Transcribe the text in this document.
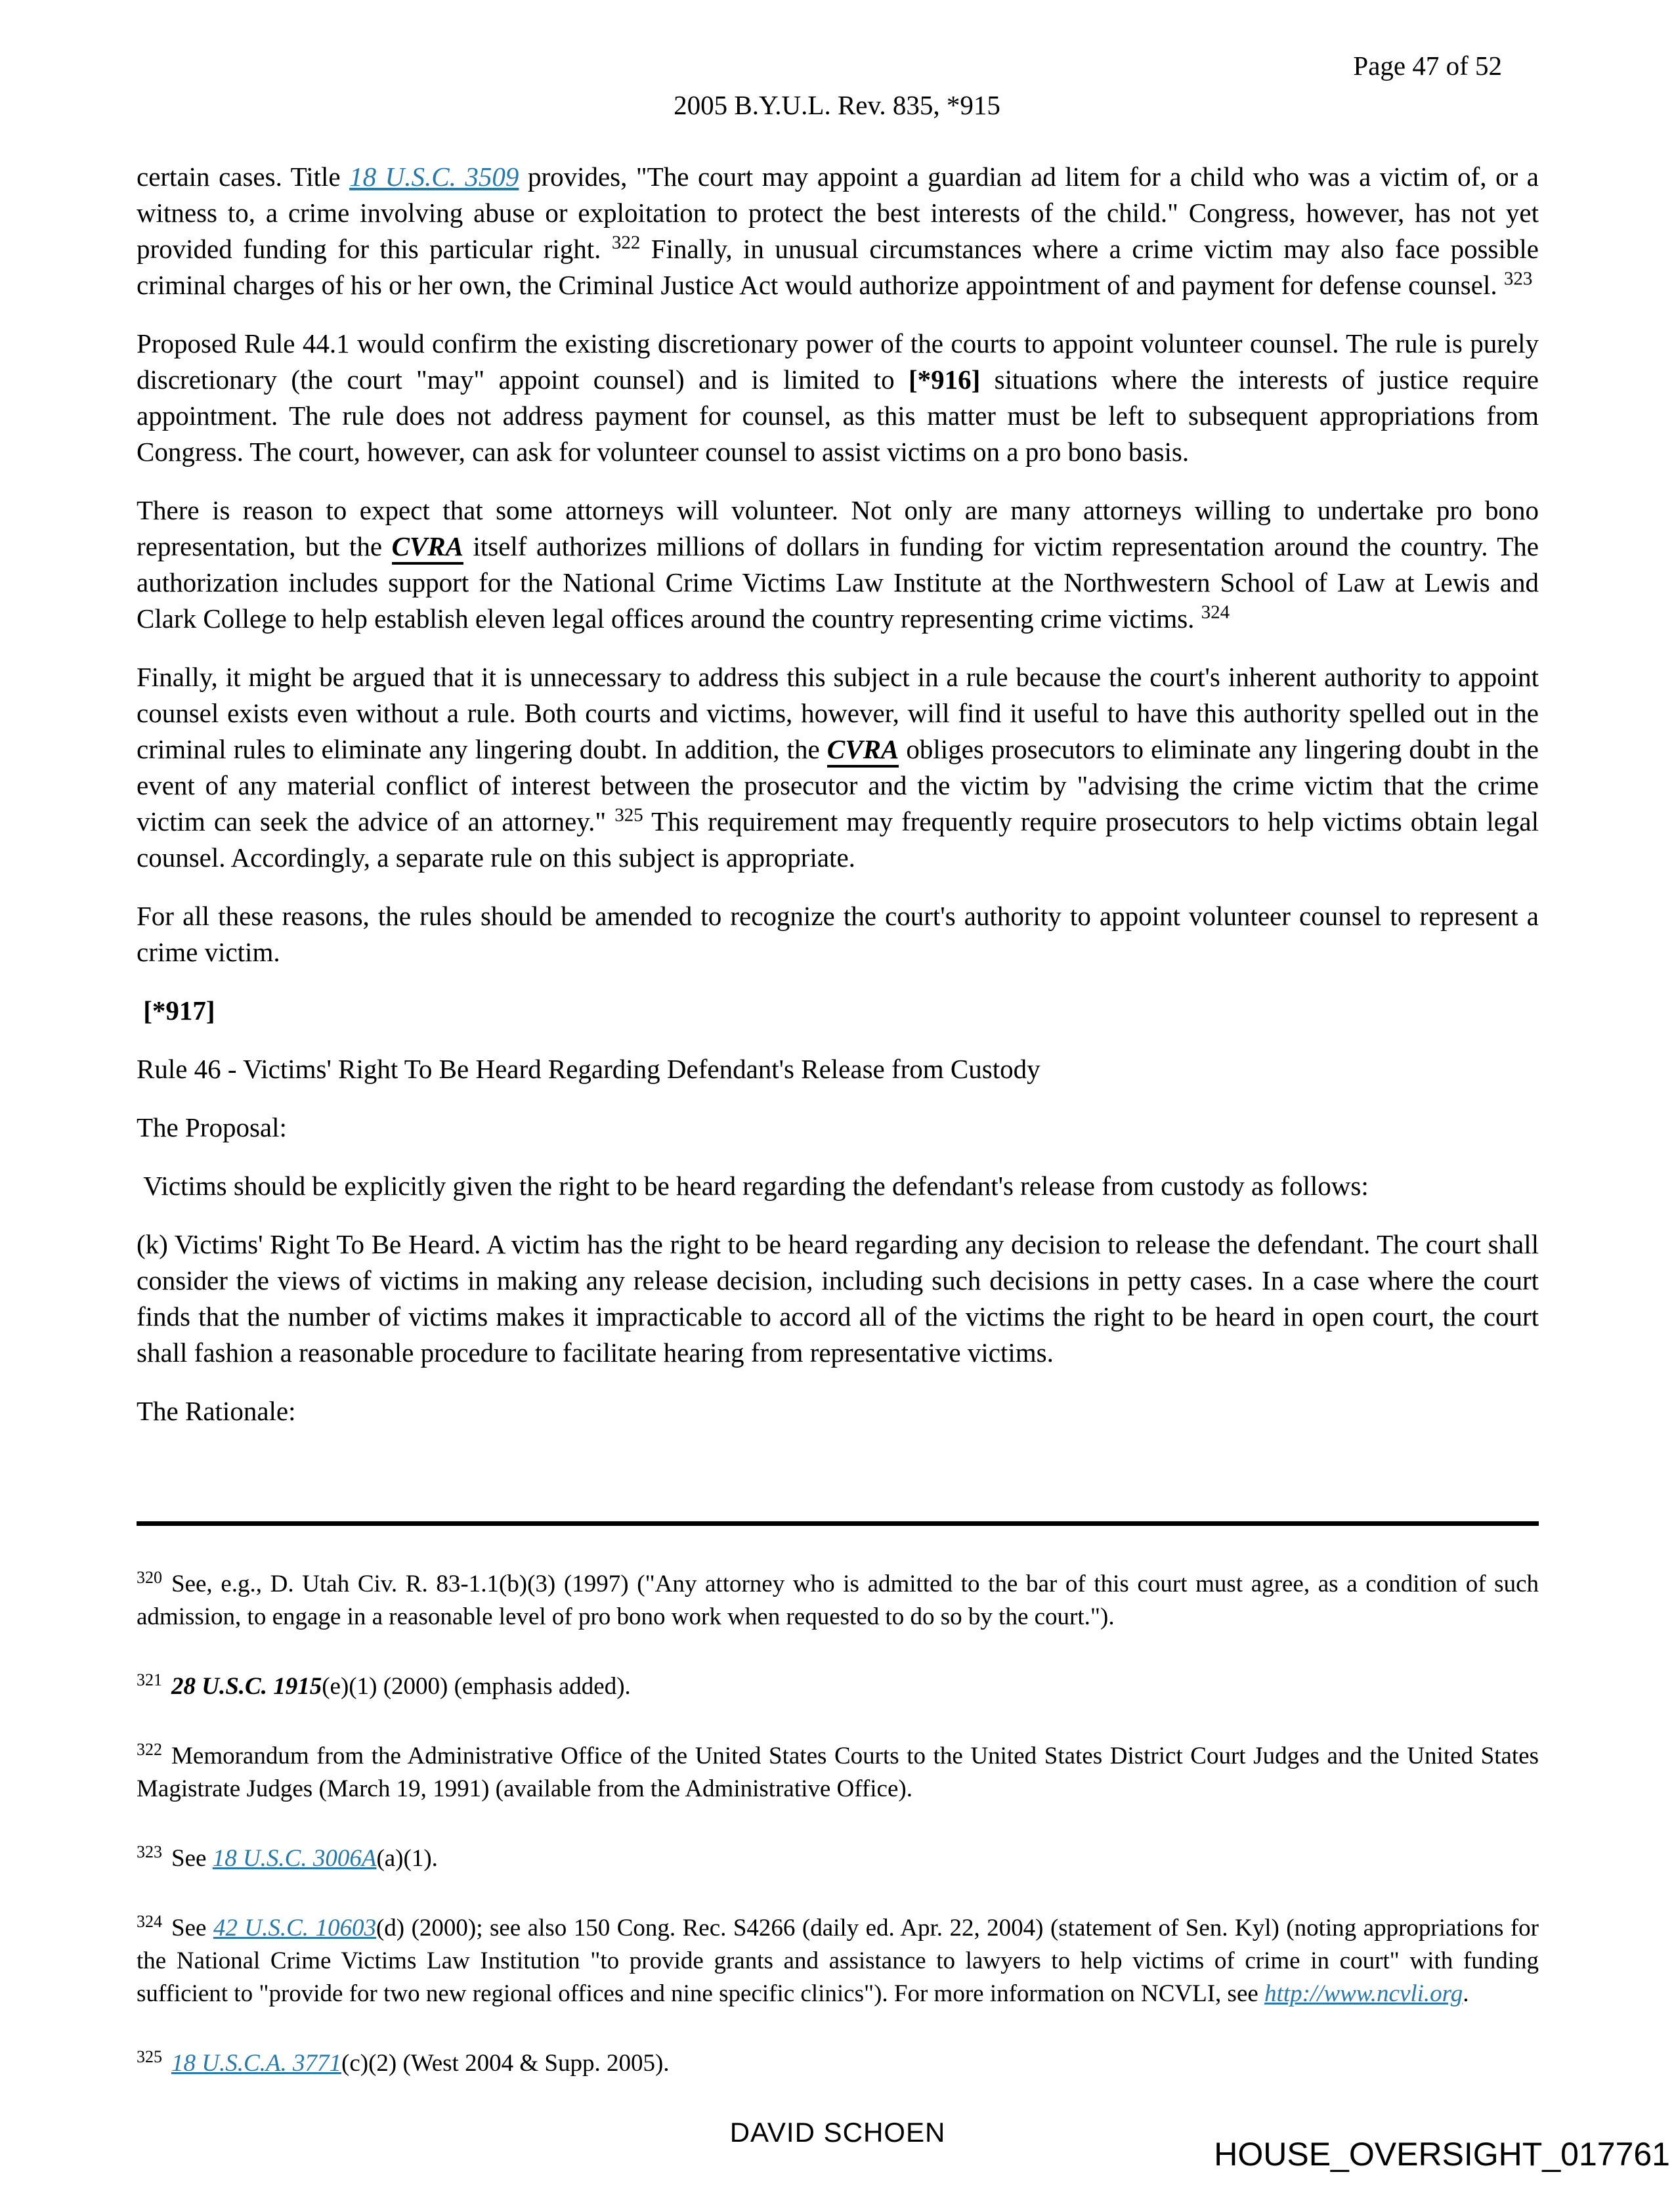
Page 47 of 52
2005 B.Y.U.L. Rev. 835, *915

certain cases. Title 18 U.S.C. 3509 provides, "The court may appoint a guardian ad litem for a child who was a victim of, or a witness to, a crime involving abuse or exploitation to protect the best interests of the child." Congress, however, has not yet provided funding for this particular right. $^{322}$ Finally, in unusual circumstances where a crime victim may also face possible criminal charges of his or her own, the Criminal Justice Act would authorize appointment of and payment for defense counsel. $^{323}$

Proposed Rule 44.1 would confirm the existing discretionary power of the courts to appoint volunteer counsel. The rule is purely discretionary (the court "may" appoint counsel) and is limited to [*916] situations where the interests of justice require appointment. The rule does not address payment for counsel, as this matter must be left to subsequent appropriations from Congress. The court, however, can ask for volunteer counsel to assist victims on a pro bono basis.

There is reason to expect that some attorneys will volunteer. Not only are many attorneys willing to undertake pro bono representation, but the CVRA itself authorizes millions of dollars in funding for victim representation around the country. The authorization includes support for the National Crime Victims Law Institute at the Northwestern School of Law at Lewis and Clark College to help establish eleven legal offices around the country representing crime victims. $^{324}$

Finally, it might be argued that it is unnecessary to address this subject in a rule because the court's inherent authority to appoint counsel exists even without a rule. Both courts and victims, however, will find it useful to have this authority spelled out in the criminal rules to eliminate any lingering doubt. In addition, the CVRA obliges prosecutors to eliminate any lingering doubt in the event of any material conflict of interest between the prosecutor and the victim by "advising the crime victim that the crime victim can seek the advice of an attorney." $^{325}$ This requirement may frequently require prosecutors to help victims obtain legal counsel. Accordingly, a separate rule on this subject is appropriate.

For all these reasons, the rules should be amended to recognize the court's authority to appoint volunteer counsel to represent a crime victim.

[*917]

Rule 46 - Victims' Right To Be Heard Regarding Defendant's Release from Custody

The Proposal:

Victims should be explicitly given the right to be heard regarding the defendant's release from custody as follows:

(k) Victims' Right To Be Heard. A victim has the right to be heard regarding any decision to release the defendant. The court shall consider the views of victims in making any release decision, including such decisions in petty cases. In a case where the court finds that the number of victims makes it impracticable to accord all of the victims the right to be heard in open court, the court shall fashion a reasonable procedure to facilitate hearing from representative victims.

The Rationale:

$^{320}$ See, e.g., D. Utah Civ. R. 83-1.1(b)(3) (1997) ("Any attorney who is admitted to the bar of this court must agree, as a condition of such admission, to engage in a reasonable level of pro bono work when requested to do so by the court.").
$^{321}$ 28 U.S.C. 1915(e)(1) (2000) (emphasis added).
$^{322}$ Memorandum from the Administrative Office of the United States Courts to the United States District Court Judges and the United States Magistrate Judges (March 19, 1991) (available from the Administrative Office).
$^{323}$ See 18 U.S.C. 3006A(a)(1).
$^{324}$ See 42 U.S.C. 10603(d) (2000); see also 150 Cong. Rec. S4266 (daily ed. Apr. 22, 2004) (statement of Sen. Kyl) (noting appropriations for the National Crime Victims Law Institution "to provide grants and assistance to lawyers to help victims of crime in court" with funding sufficient to "provide for two new regional offices and nine specific clinics"). For more information on NCVLI, see http://www.ncvli.org.
$^{325}$ 18 U.S.C.A. 3771(c)(2) (West 2004 & Supp. 2005).
DAVID SCHOEN
HOUSE_OVERSIGHT_017761
